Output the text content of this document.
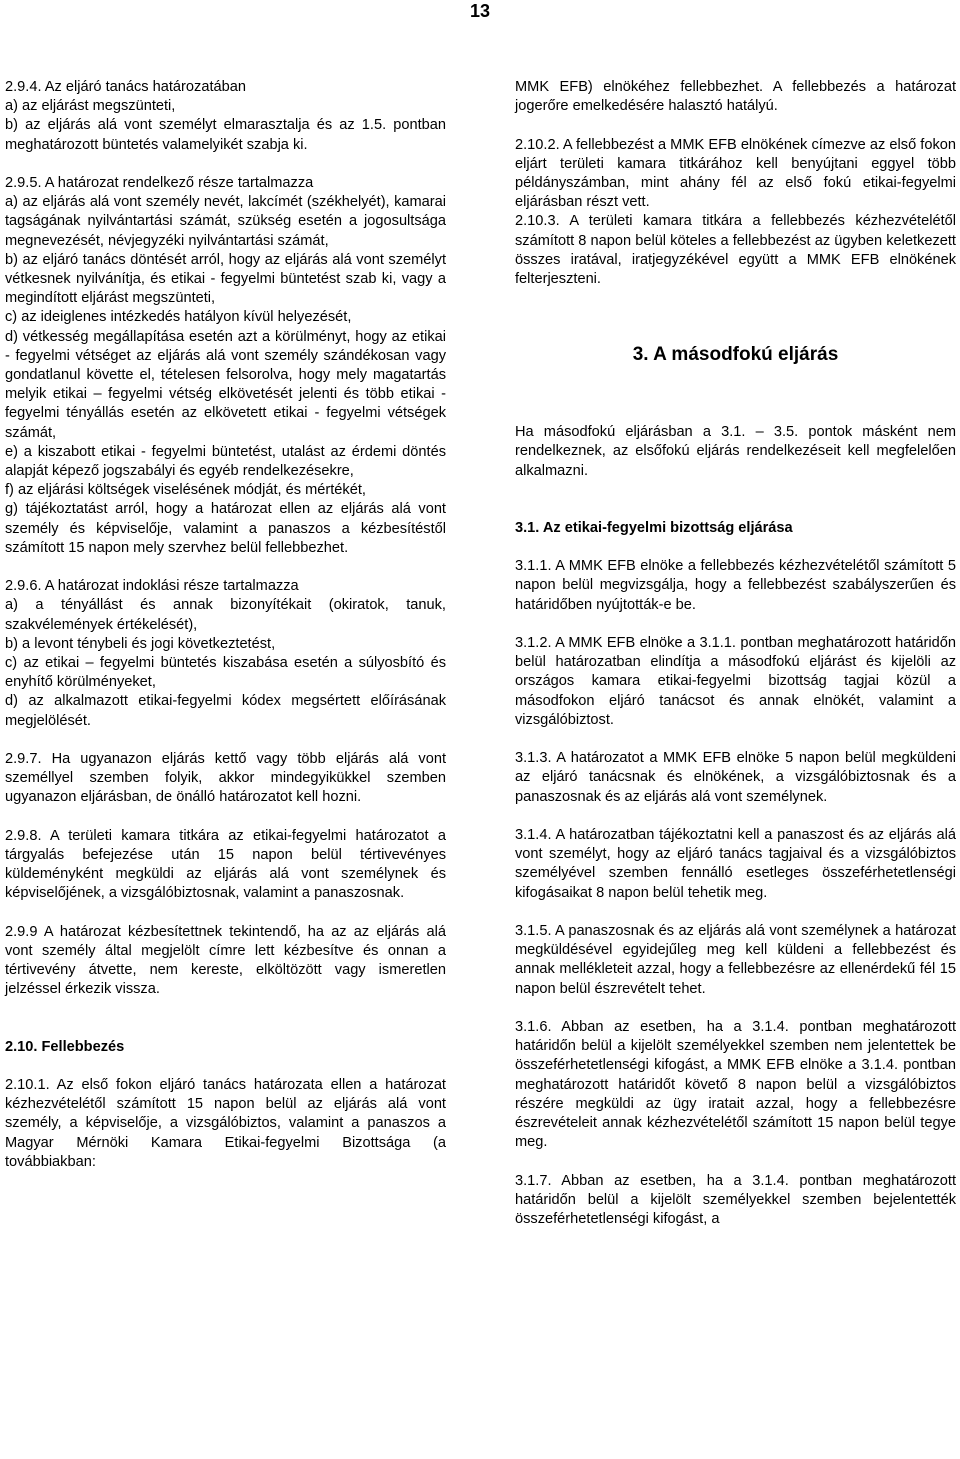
13

2.9.4. Az eljáró tanács határozatában

a) az eljárást megszünteti,

b) az eljárás alá vont személyt elmarasztalja és az 1.5. pontban meghatározott büntetés valamelyikét szabja ki.

2.9.5. A határozat rendelkező része tartalmazza

a) az eljárás alá vont személy nevét, lakcímét (székhelyét), kamarai tagságának nyilvántartási számát, szükség esetén a jogosultsága megnevezését, névjegyzéki nyilvántartási számát,

b) az eljáró tanács döntését arról, hogy az eljárás alá vont személyt vétkesnek nyilvánítja, és etikai - fegyelmi büntetést szab ki, vagy a megindított eljárást megszünteti,

c) az ideiglenes intézkedés hatályon kívül helyezését,

d) vétkesség megállapítása esetén azt a körülményt, hogy az etikai - fegyelmi vétséget az eljárás alá vont személy szándékosan vagy gondatlanul követte el, tételesen felsorolva, hogy mely magatartás melyik etikai – fegyelmi vétség elkövetését jelenti és több etikai - fegyelmi tényállás esetén az elkövetett etikai - fegyelmi vétségek számát,

e) a kiszabott etikai - fegyelmi büntetést, utalást az érdemi döntés alapját képező jogszabályi és egyéb rendelkezésekre,

f) az eljárási költségek viselésének módját, és mértékét,

g) tájékoztatást arról, hogy a határozat ellen az eljárás alá vont személy és képviselője, valamint a panaszos a kézbesítéstől számított 15 napon mely szervhez belül fellebbezhet.

2.9.6. A határozat indoklási része tartalmazza

a) a tényállást és annak bizonyítékait (okiratok, tanuk, szakvélemények értékelését),

b) a levont ténybeli és jogi következtetést,

c) az etikai – fegyelmi büntetés kiszabása esetén a súlyosbító és enyhítő körülményeket,

d) az alkalmazott etikai-fegyelmi kódex megsértett előírásának megjelölését.

2.9.7. Ha ugyanazon eljárás kettő vagy több eljárás alá vont személlyel szemben folyik, akkor mindegyikükkel szemben ugyanazon eljárásban, de önálló határozatot kell hozni.

2.9.8. A területi kamara titkára az etikai-fegyelmi határozatot a tárgyalás befejezése után 15 napon belül tértivevényes küldeményként megküldi az eljárás alá vont személynek és képviselőjének, a vizsgálóbiztosnak, valamint a panaszosnak.

2.9.9 A határozat kézbesítettnek tekintendő, ha az az eljárás alá vont személy által megjelölt címre lett kézbesítve és onnan a tértivevény átvette, nem kereste, elköltözött vagy ismeretlen jelzéssel érkezik vissza.

2.10. Fellebbezés

2.10.1. Az első fokon eljáró tanács határozata ellen a határozat kézhezvételétől számított 15 napon belül az eljárás alá vont személy, a képviselője, a vizsgálóbiztos, valamint a panaszos a Magyar Mérnöki Kamara Etikai-fegyelmi Bizottsága (a továbbiakban:

MMK EFB) elnökéhez fellebbezhet. A fellebbezés a határozat jogerőre emelkedésére halasztó hatályú.

2.10.2. A fellebbezést a MMK EFB elnökének címezve az első fokon eljárt területi kamara titkárához kell benyújtani eggyel több példányszámban, mint ahány fél az első fokú etikai-fegyelmi eljárásban részt vett.

2.10.3. A területi kamara titkára a fellebbezés kézhezvételétől számított 8 napon belül köteles a fellebbezést az ügyben keletkezett összes iratával, iratjegyzékével együtt a MMK EFB elnökének felterjeszteni.

3. A másodfokú eljárás

Ha másodfokú eljárásban a 3.1. – 3.5. pontok másként nem rendelkeznek, az elsőfokú eljárás rendelkezéseit kell megfelelően alkalmazni.

3.1. Az etikai-fegyelmi bizottság eljárása

3.1.1. A MMK EFB elnöke a fellebbezés kézhezvételétől számított 5 napon belül megvizsgálja, hogy a fellebbezést szabályszerűen és határidőben nyújtották-e be.

3.1.2. A MMK EFB elnöke a 3.1.1. pontban meghatározott határidőn belül határozatban elindítja a másodfokú eljárást és kijelöli az országos kamara etikai-fegyelmi bizottság tagjai közül a másodfokon eljáró tanácsot és annak elnökét, valamint a vizsgálóbiztost.

3.1.3. A határozatot a MMK EFB elnöke 5 napon belül megküldeni az eljáró tanácsnak és elnökének, a vizsgálóbiztosnak és a panaszosnak és az eljárás alá vont személynek.

3.1.4. A határozatban tájékoztatni kell a panaszost és az eljárás alá vont személyt, hogy az eljáró tanács tagjaival és a vizsgálóbiztos személyével szemben fennálló esetleges összeférhetetlenségi kifogásaikat 8 napon belül tehetik meg.

3.1.5. A panaszosnak és az eljárás alá vont személynek a határozat megküldésével egyidejűleg meg kell küldeni a fellebbezést és annak mellékleteit azzal, hogy a fellebbezésre az ellenérdekű fél 15 napon belül észrevételt tehet.

3.1.6. Abban az esetben, ha a 3.1.4. pontban meghatározott határidőn belül a kijelölt személyekkel szemben nem jelentettek be összeférhetetlenségi kifogást, a MMK EFB elnöke a 3.1.4. pontban meghatározott határidőt követő 8 napon belül a vizsgálóbiztos részére megküldi az ügy iratait azzal, hogy a fellebbezésre észrevételeit annak kézhezvételétől számított 15 napon belül tegye meg.

3.1.7. Abban az esetben, ha a 3.1.4. pontban meghatározott határidőn belül a kijelölt személyekkel szemben bejelentették összeférhetetlenségi kifogást, a
